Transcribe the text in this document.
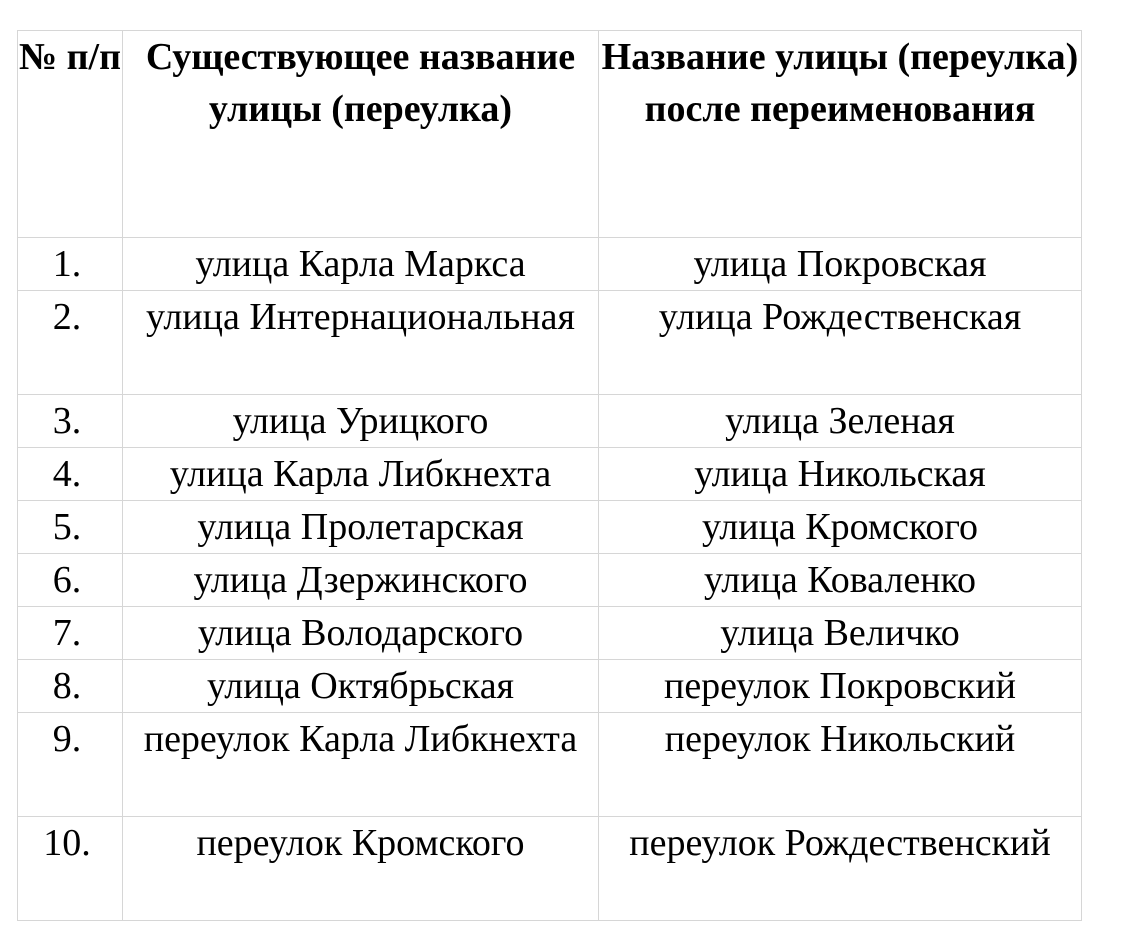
№ п/п	Существующее название улицы (переулка)	Название улицы (переулка) после переименования

1.	улица Карла Маркса	улица Покровская

2.	улица Интернациональная	улица Рождественская

3.	улица Урицкого	улица Зеленая

4.	улица Карла Либкнехта	улица Никольская

5.	улица Пролетарская	улица Кромского

6.	улица Дзержинского	улица Коваленко

7.	улица Володарского	улица Величко

8.	улица Октябрьская	переулок Покровский

9.	переулок Карла Либкнехта	переулок Никольский

10.	переулок Кромского	переулок Рождественский
